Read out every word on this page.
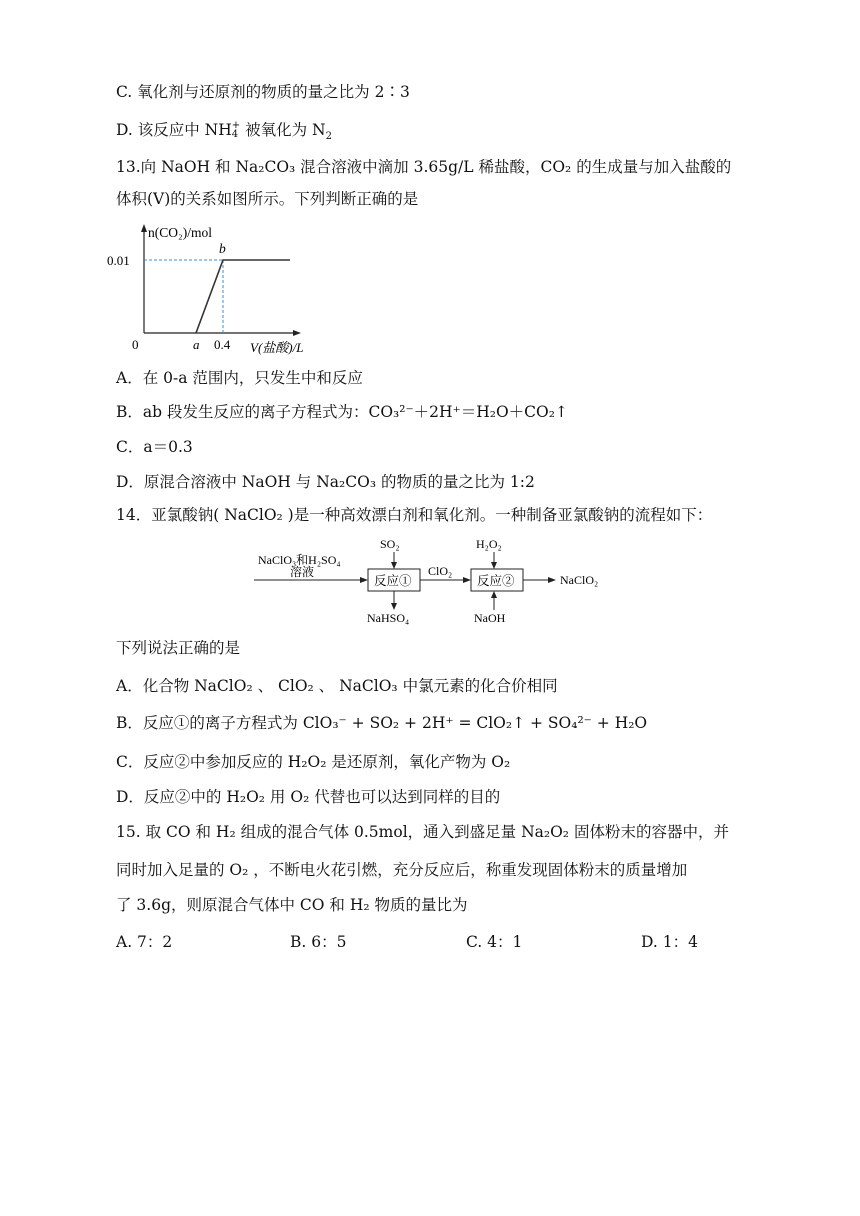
C. 氧化剂与还原剂的物质的量之比为 2∶3
D. 该反应中 NH +
4 被氧化为 $N_2$
13.向 NaOH 和 Na₂CO₃ 混合溶液中滴加 3.65g/L 稀盐酸，CO₂ 的生成量与加入盐酸的
体积(V)的关系如图所示。下列判断正确的是
n(CO₂)/mol
0.01
0	a 0.4 V(盐酸)/L
b
A．在 0-a 范围内，只发生中和反应
B．ab 段发生反应的离子方程式为：CO₃²⁻＋2H⁺＝H₂O＋CO₂↑
C．a＝0.3
D．原混合溶液中 NaOH 与 Na₂CO₃ 的物质的量之比为 1:2
14．亚氯酸钠( NaClO₂ )是一种高效漂白剂和氧化剂。一种制备亚氯酸钠的流程如下：
NaClO₃和H₂SO₄
溶液
反应①
SO₂
NaHSO₄
ClO₂
反应②
H₂O₂
NaOH
NaClO₂
下列说法正确的是
A．化合物 NaClO₂ 、 ClO₂ 、 NaClO₃ 中氯元素的化合价相同
B．反应①的离子方程式为 ClO₃⁻ + SO₂ + 2H⁺ = ClO₂↑ + SO₄²⁻ + H₂O
C．反应②中参加反应的 H₂O₂ 是还原剂，氧化产物为 O₂
D．反应②中的 H₂O₂ 用 O₂ 代替也可以达到同样的目的
15. 取 CO 和 H₂ 组成的混合气体 0.5mol，通入到盛足量 Na₂O₂ 固体粉末的容器中，并
同时加入足量的 O₂ ，不断电火花引燃，充分反应后，称重发现固体粉末的质量增加
了 3.6g，则原混合气体中 CO 和 H₂ 物质的量比为
A. 7：2	B. 6：5	C. 4：1	D. 1：4
